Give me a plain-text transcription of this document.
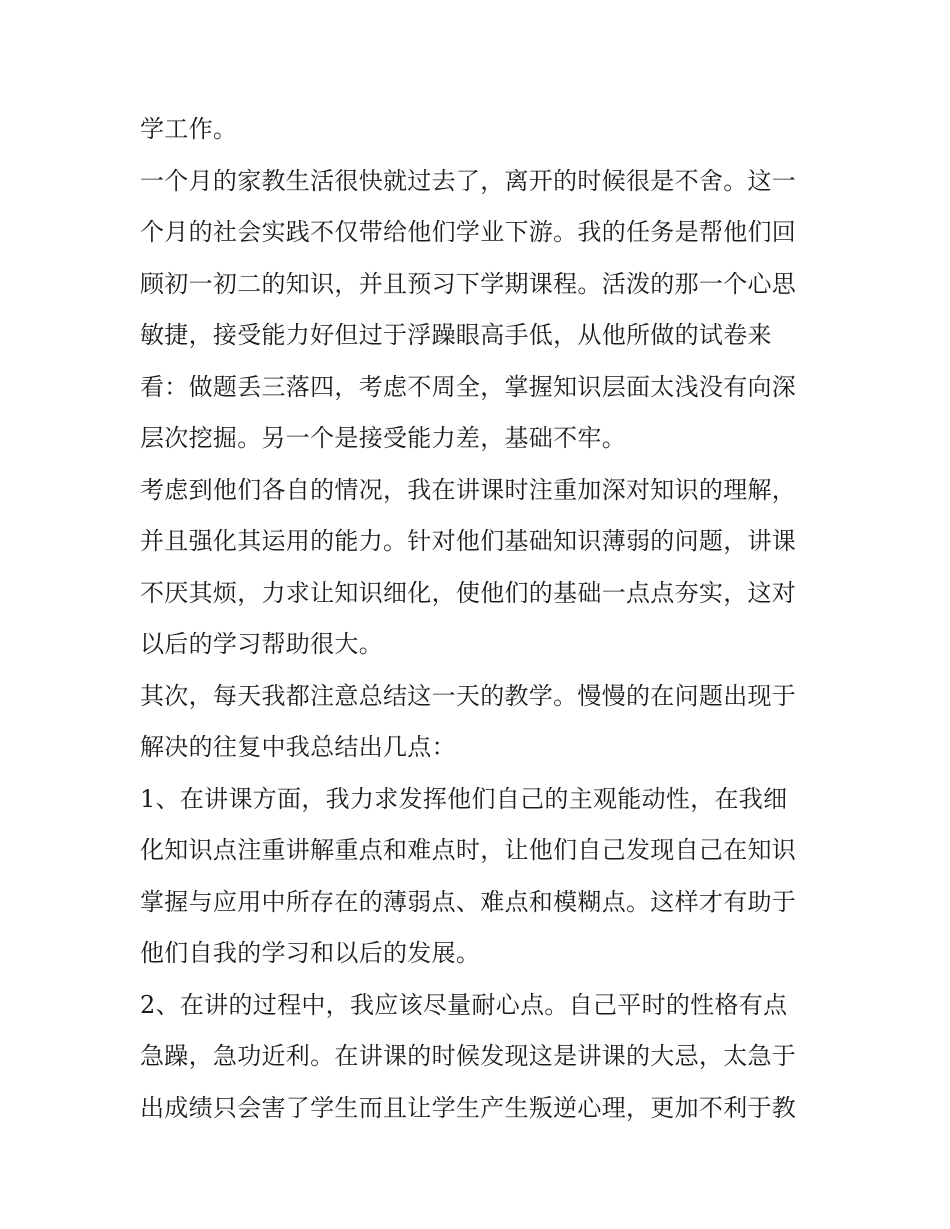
学工作。

一个月的家教生活很快就过去了，离开的时候很是不舍。这一
个月的社会实践不仅带给他们学业下游。我的任务是帮他们回
顾初一初二的知识，并且预习下学期课程。活泼的那一个心思
敏捷，接受能力好但过于浮躁眼高手低，从他所做的试卷来
看：做题丢三落四，考虑不周全，掌握知识层面太浅没有向深
层次挖掘。另一个是接受能力差，基础不牢。

考虑到他们各自的情况，我在讲课时注重加深对知识的理解，
并且强化其运用的能力。针对他们基础知识薄弱的问题，讲课
不厌其烦，力求让知识细化，使他们的基础一点点夯实，这对
以后的学习帮助很大。

其次，每天我都注意总结这一天的教学。慢慢的在问题出现于
解决的往复中我总结出几点：

1、在讲课方面，我力求发挥他们自己的主观能动性，在我细
化知识点注重讲解重点和难点时，让他们自己发现自己在知识
掌握与应用中所存在的薄弱点、难点和模糊点。这样才有助于
他们自我的学习和以后的发展。

2、在讲的过程中，我应该尽量耐心点。自己平时的性格有点
急躁，急功近利。在讲课的时候发现这是讲课的大忌，太急于
出成绩只会害了学生而且让学生产生叛逆心理，更加不利于教
